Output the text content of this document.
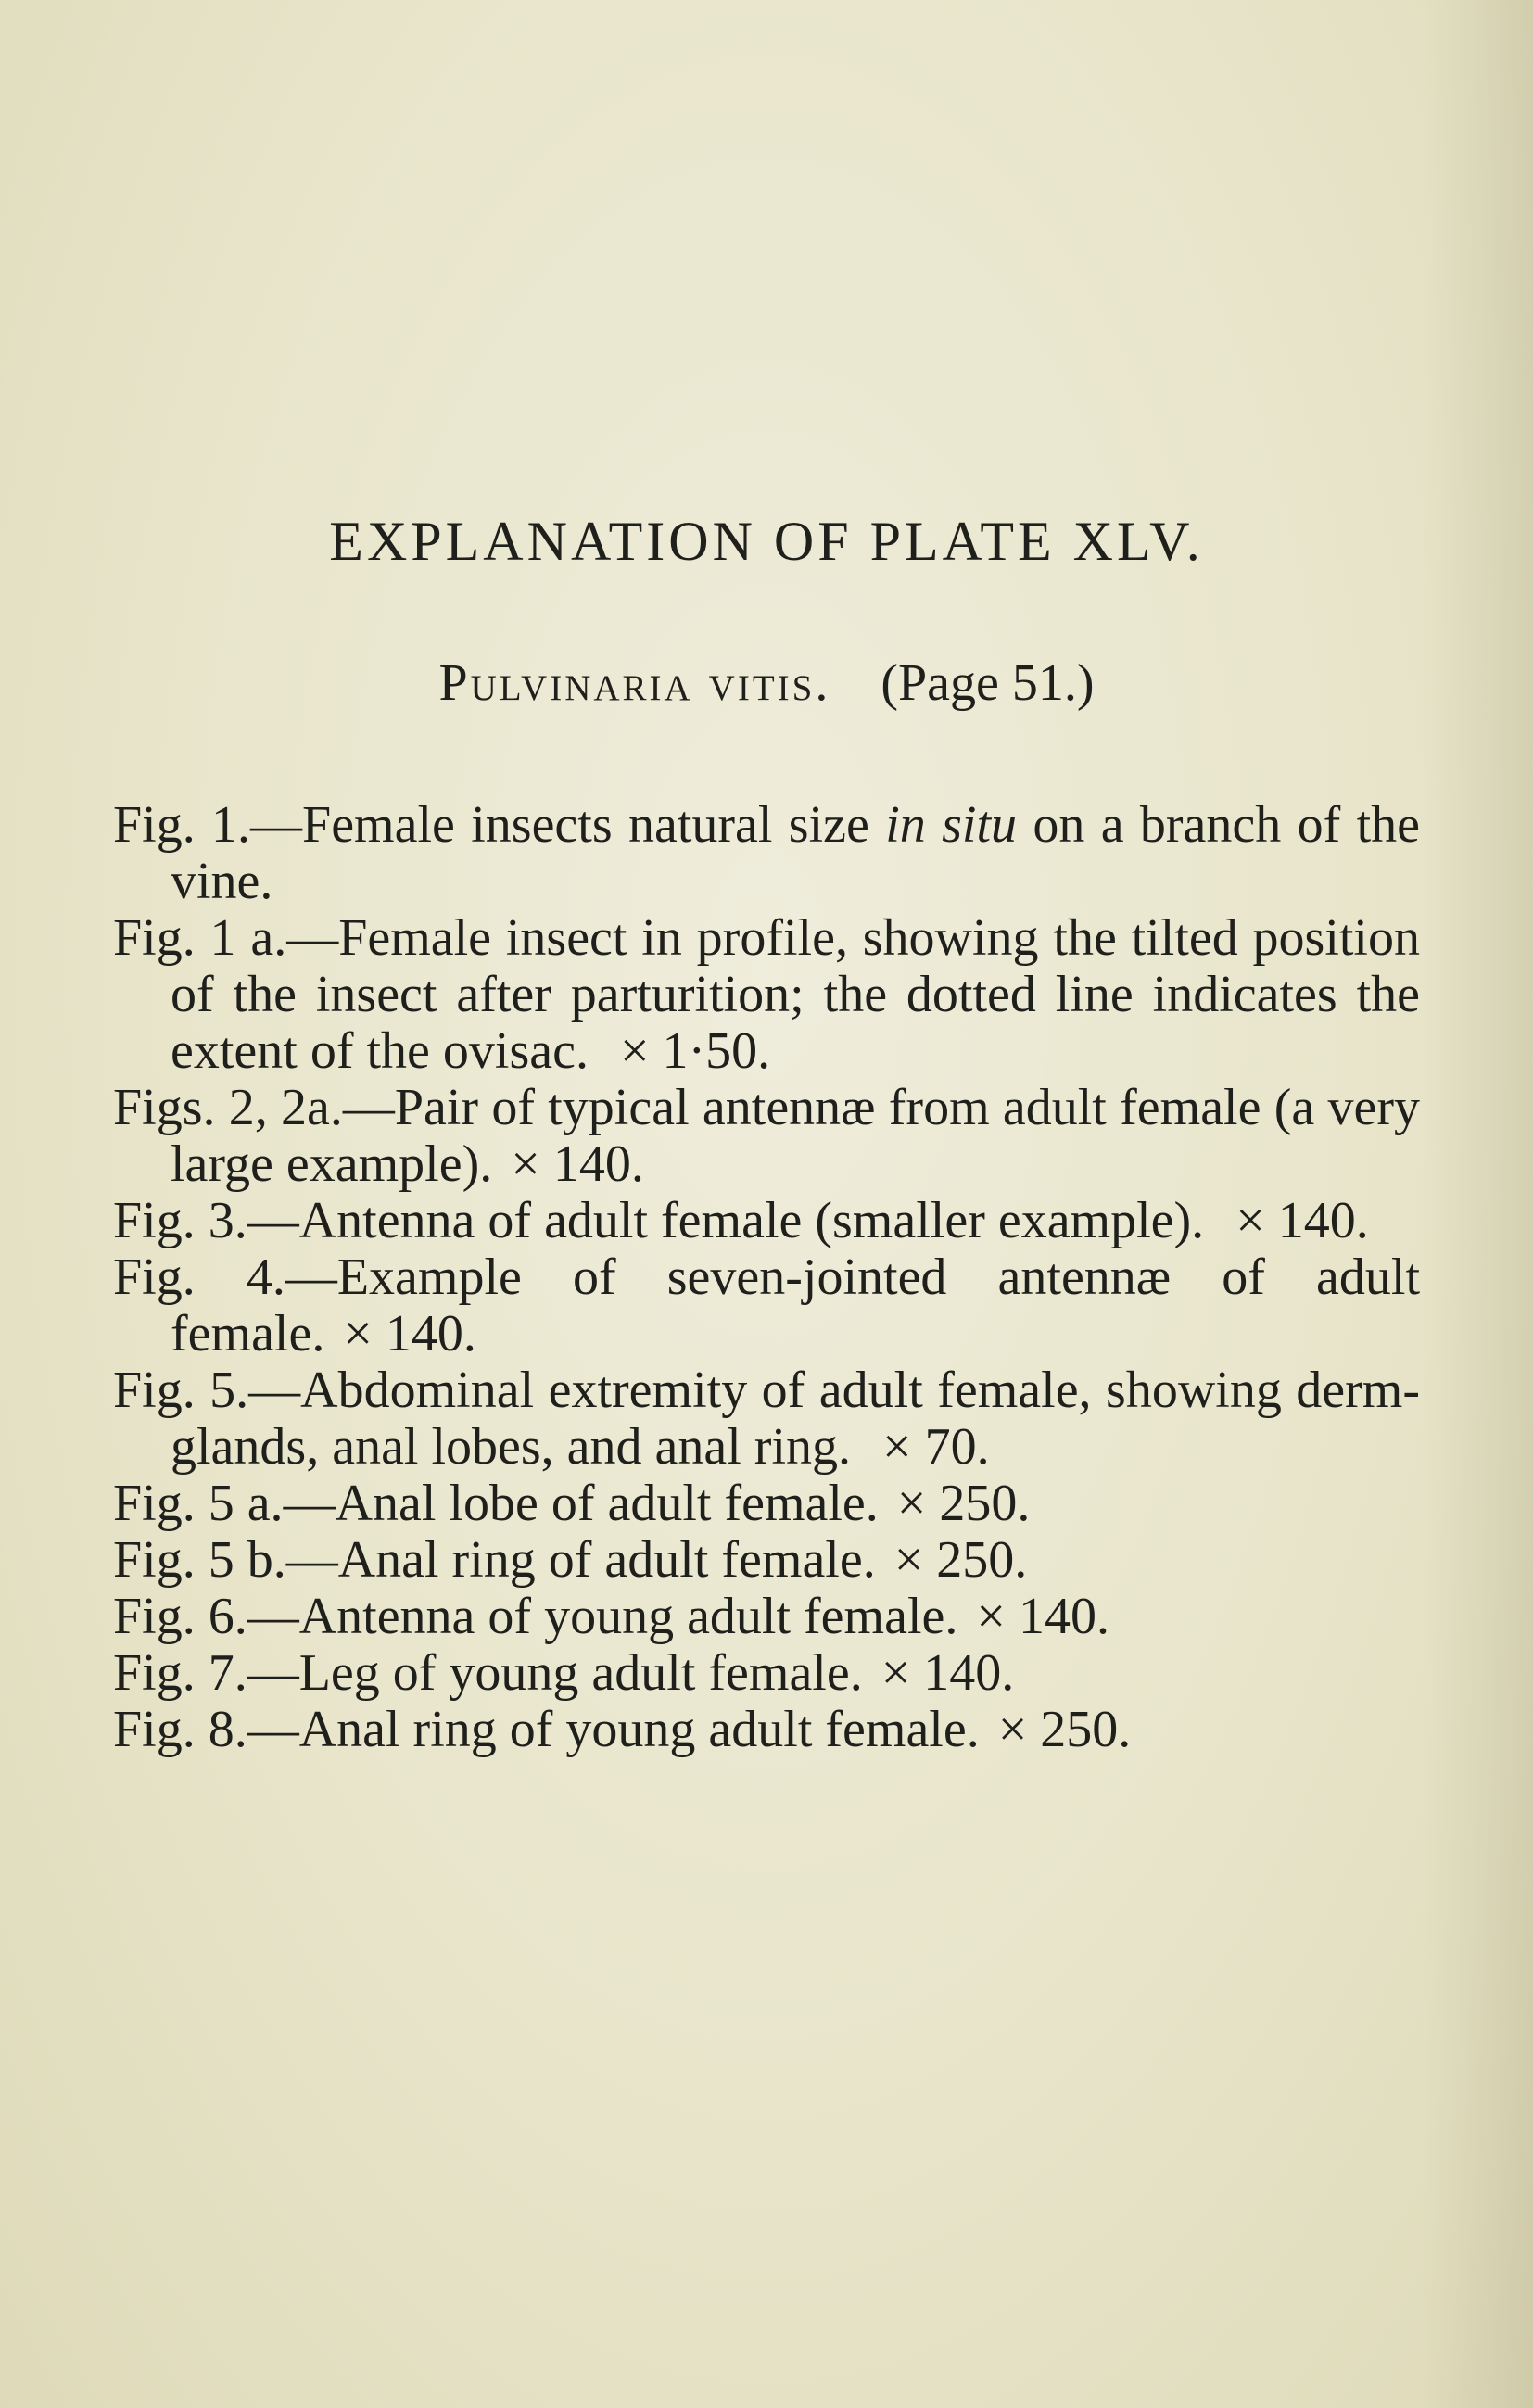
EXPLANATION OF PLATE XLV.

Pulvinaria vitis. (Page 51.)

Fig. 1.—Female insects natural size in situ on a branch of the vine.

Fig. 1 a.—Female insect in profile, showing the tilted position of the insect after parturition; the dotted line indicates the extent of the ovisac. × 1·50.

Figs. 2, 2a.—Pair of typical antennæ from adult female (a very large example). × 140.

Fig. 3.—Antenna of adult female (smaller example). × 140.

Fig. 4.—Example of seven-jointed antennæ of adult female. × 140.

Fig. 5.—Abdominal extremity of adult female, showing derm-glands, anal lobes, and anal ring. × 70.

Fig. 5 a.—Anal lobe of adult female. × 250.

Fig. 5 b.—Anal ring of adult female. × 250.

Fig. 6.—Antenna of young adult female. × 140.

Fig. 7.—Leg of young adult female. × 140.

Fig. 8.—Anal ring of young adult female. × 250.
